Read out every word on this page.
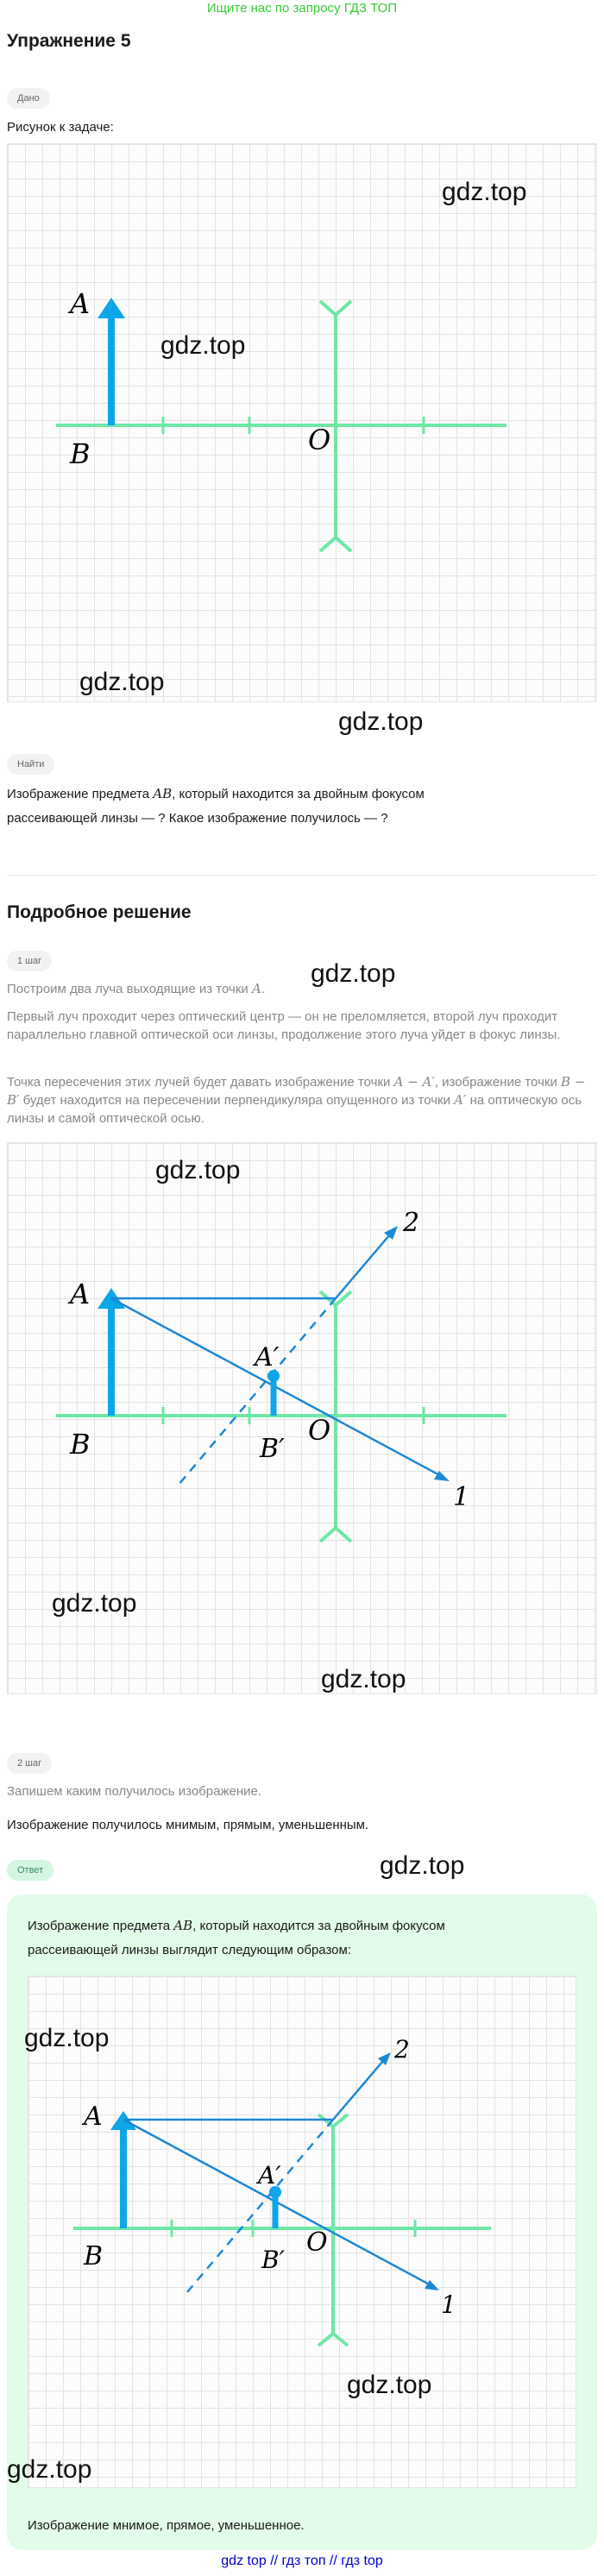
Ищите нас по запросу ГДЗ ТОП
Упражнение 5
Дано
Рисунок к задаче:
A
B	O
gdz.top
gdz.top
gdz.top
gdz.top
Найти
Изображение предмета AB, который находится за двойным фокусом
рассеивающей линзы — ? Какое изображение получилось — ?
Подробное решение
1 шаг	gdz.top
Построим два луча выходящие из точки A.
Первый луч проходит через оптический центр — он не преломляется, второй луч проходит параллельно главной оптической оси линзы, продолжение этого луча уйдет в фокус линзы.
Точка пересечения этих лучей будет давать изображение точки A − A′, изображение точки B − B′ будет находится на пересечении перпендикуляра опущенного из точки A′ на оптическую ось линзы и самой оптической осью.
A
B	O
A′
B′
1
2
gdz.top
gdz.top
gdz.top
2 шаг
Запишем каким получилось изображение.
Изображение получилось мнимым, прямым, уменьшенным.
Ответ	gdz.top
Изображение предмета AB, который находится за двойным фокусом
рассеивающей линзы выглядит следующим образом:
A
B	O
A′
B′
1
2
gdz.top
gdz.top
gdz.top
Изображение мнимое, прямое, уменьшенное.
gdz top // гдз топ // гдз top
